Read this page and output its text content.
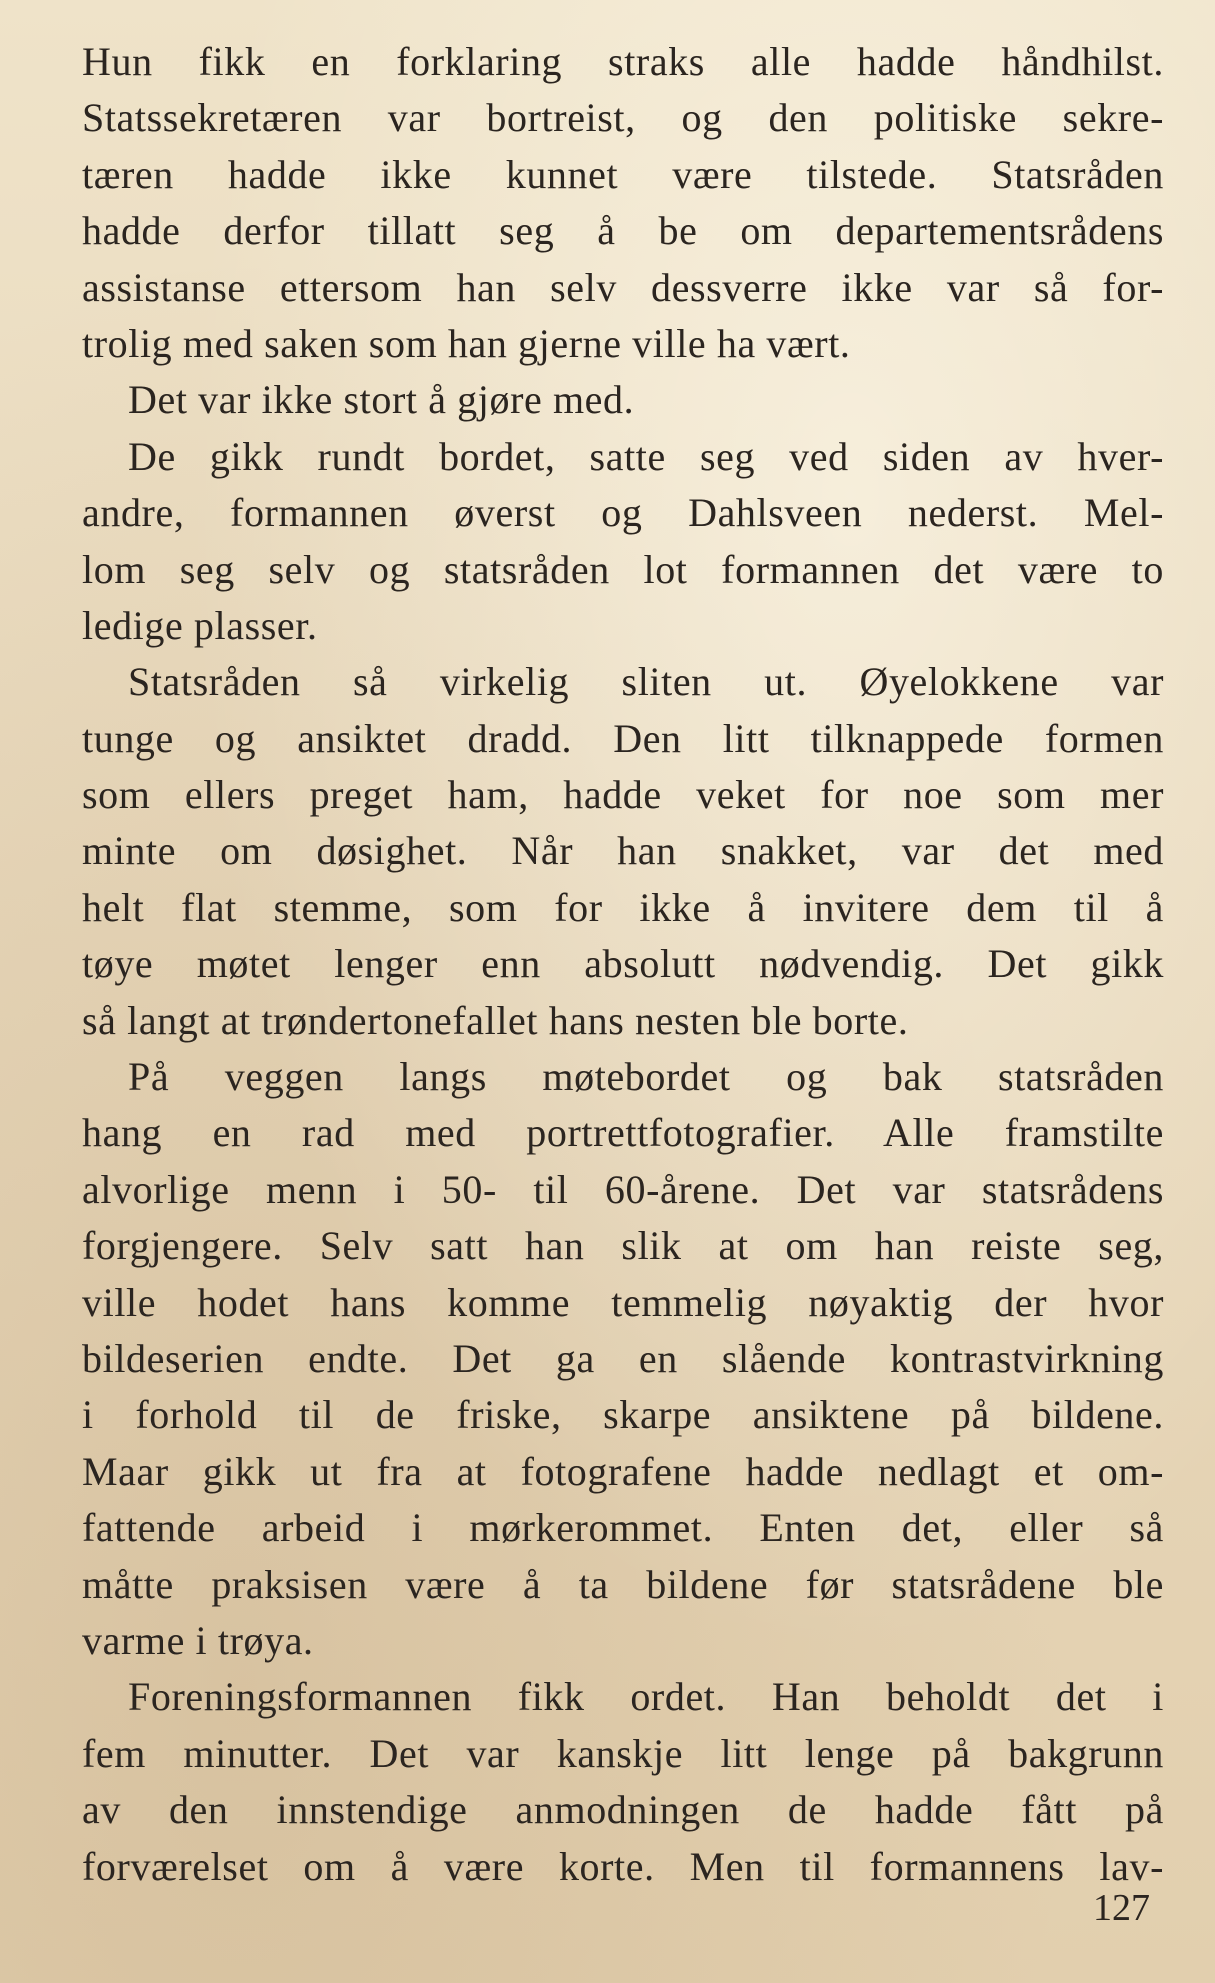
Hun fikk en forklaring straks alle hadde håndhilst.
Statssekretæren var bortreist, og den politiske sekre-
tæren hadde ikke kunnet være tilstede. Statsråden
hadde derfor tillatt seg å be om departementsrådens
assistanse ettersom han selv dessverre ikke var så for-
trolig med saken som han gjerne ville ha vært.
Det var ikke stort å gjøre med.
De gikk rundt bordet, satte seg ved siden av hver-
andre, formannen øverst og Dahlsveen nederst. Mel-
lom seg selv og statsråden lot formannen det være to
ledige plasser.
Statsråden så virkelig sliten ut. Øyelokkene var
tunge og ansiktet dradd. Den litt tilknappede formen
som ellers preget ham, hadde veket for noe som mer
minte om døsighet. Når han snakket, var det med
helt flat stemme, som for ikke å invitere dem til å
tøye møtet lenger enn absolutt nødvendig. Det gikk
så langt at trøndertonefallet hans nesten ble borte.
På veggen langs møtebordet og bak statsråden
hang en rad med portrettfotografier. Alle framstilte
alvorlige menn i 50- til 60-årene. Det var statsrådens
forgjengere. Selv satt han slik at om han reiste seg,
ville hodet hans komme temmelig nøyaktig der hvor
bildeserien endte. Det ga en slående kontrastvirkning
i forhold til de friske, skarpe ansiktene på bildene.
Maar gikk ut fra at fotografene hadde nedlagt et om-
fattende arbeid i mørkerommet. Enten det, eller så
måtte praksisen være å ta bildene før statsrådene ble
varme i trøya.
Foreningsformannen fikk ordet. Han beholdt det i
fem minutter. Det var kanskje litt lenge på bakgrunn
av den innstendige anmodningen de hadde fått på
forværelset om å være korte. Men til formannens lav-
127
